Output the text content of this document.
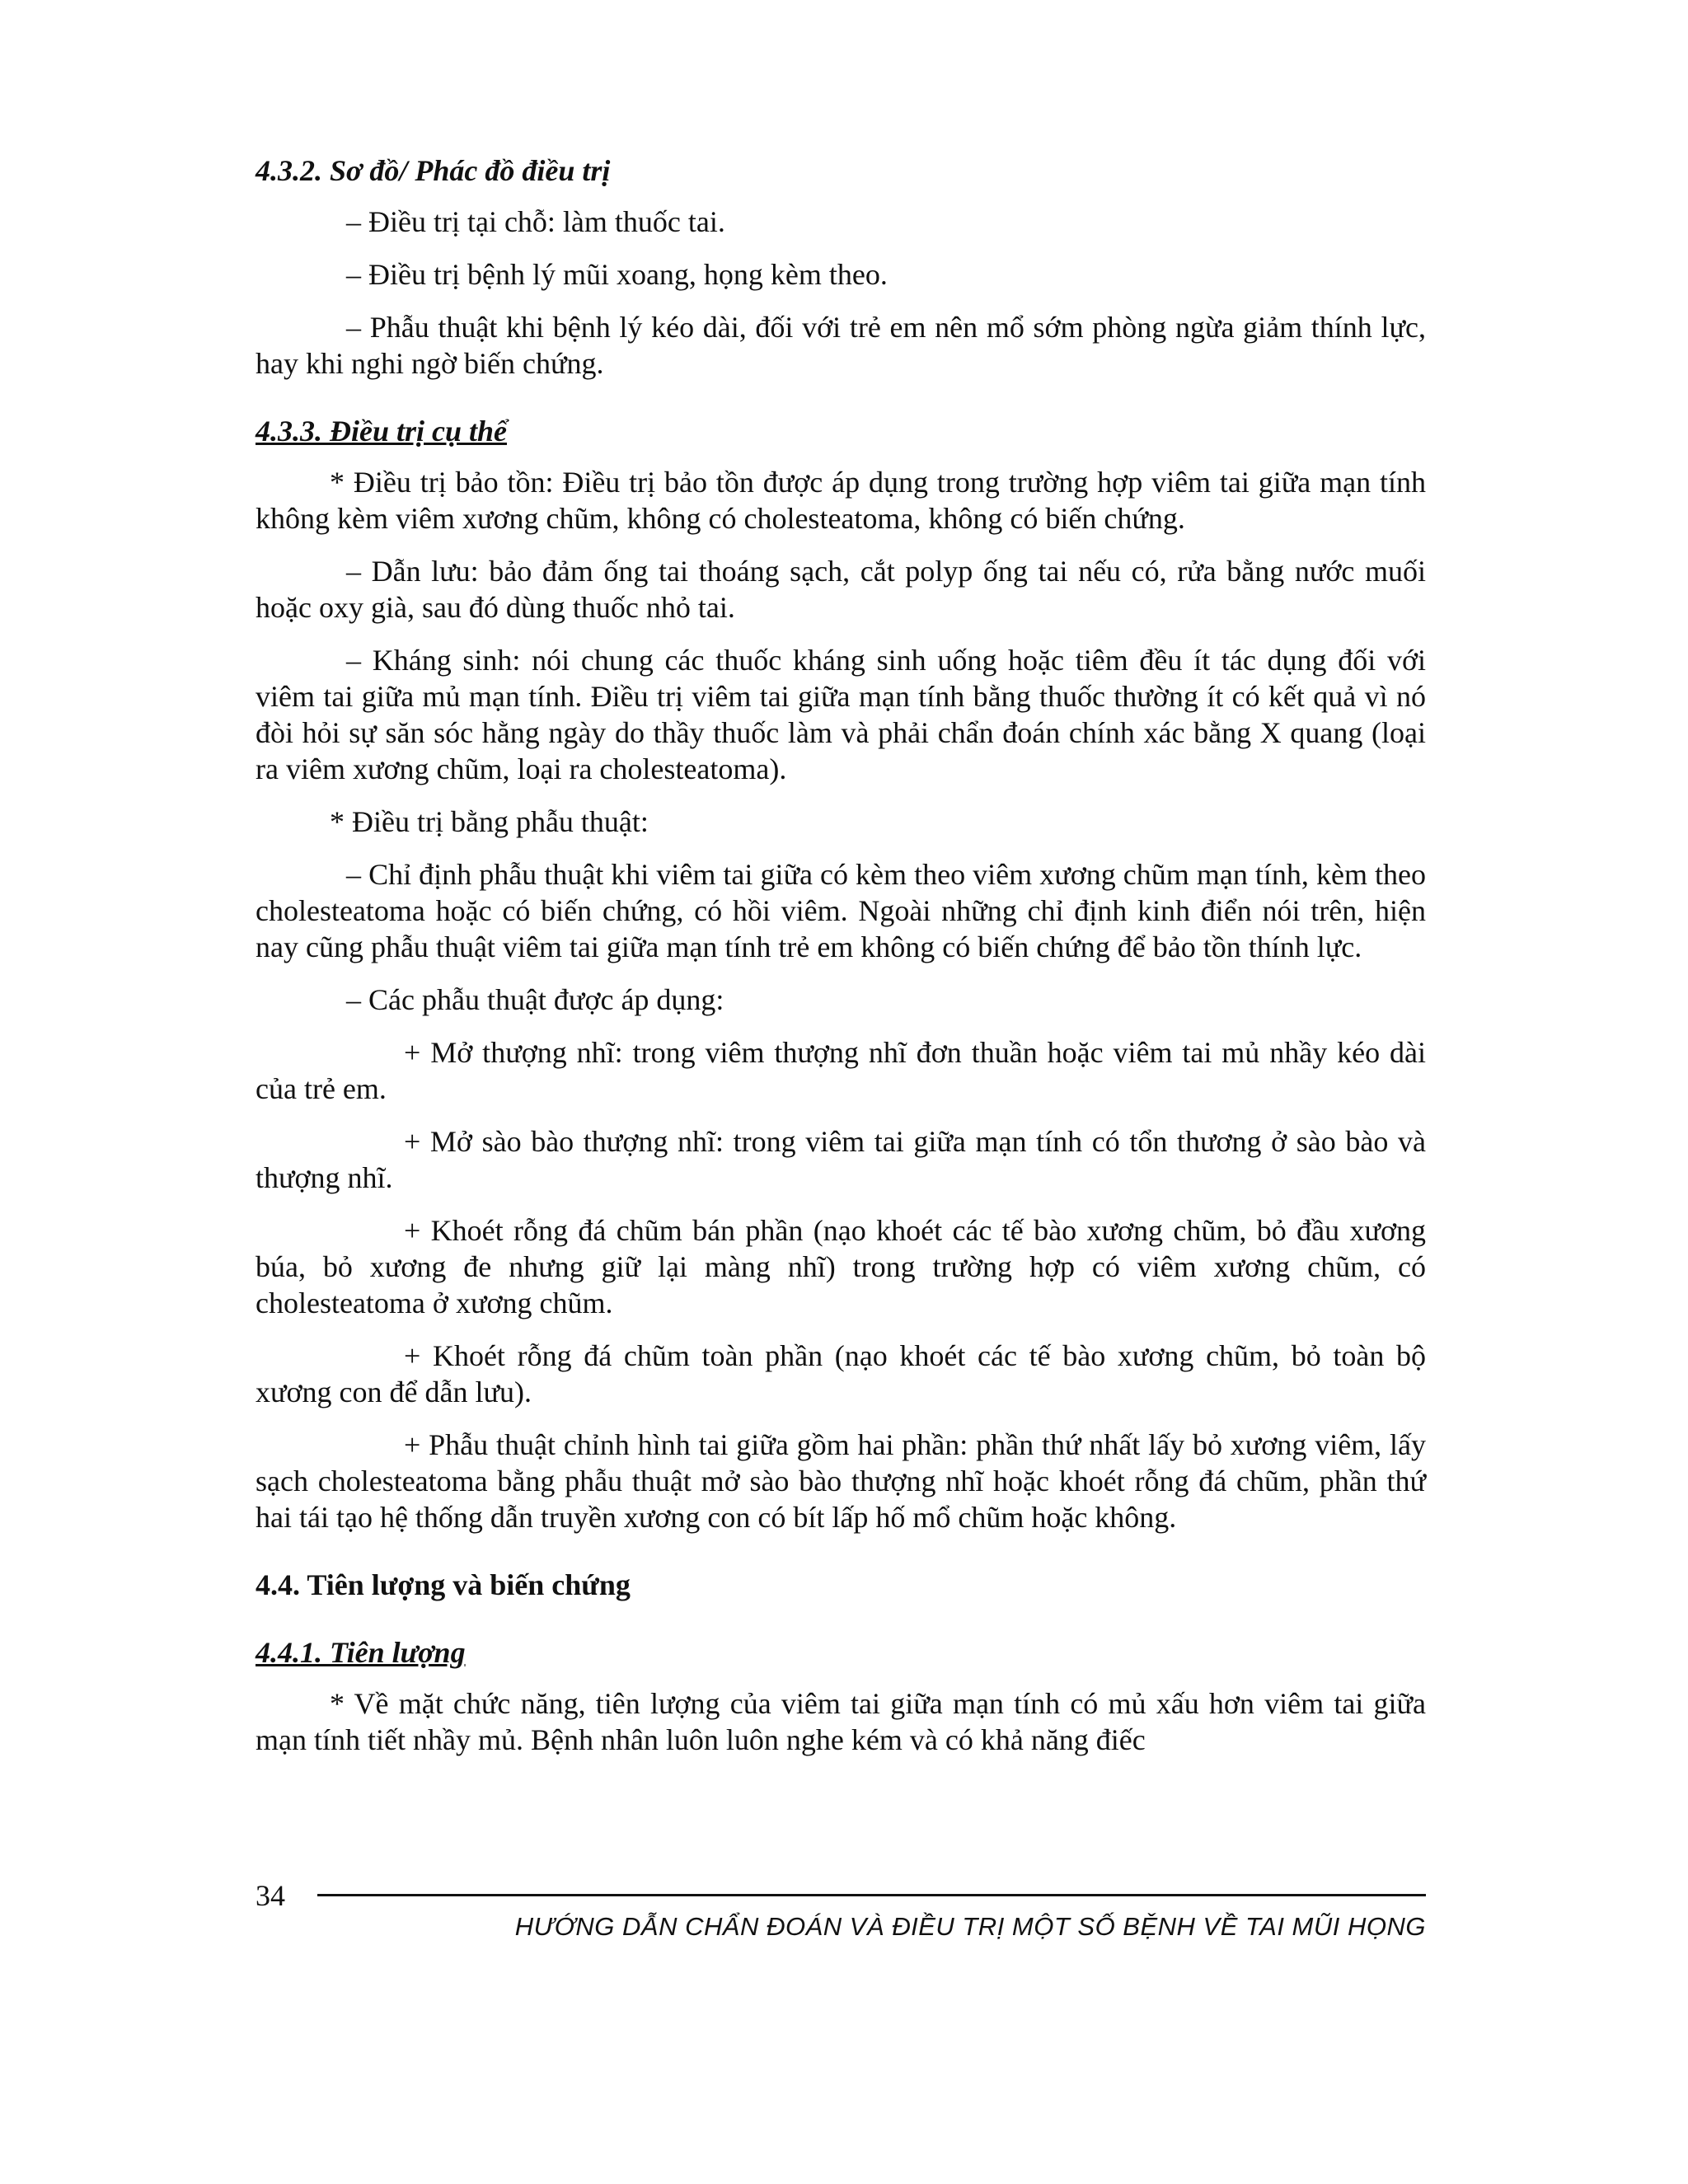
4.3.2. Sơ đồ/ Phác đồ điều trị

– Điều trị tại chỗ: làm thuốc tai.

– Điều trị bệnh lý mũi xoang, họng kèm theo.

– Phẫu thuật khi bệnh lý kéo dài, đối với trẻ em nên mổ sớm phòng ngừa giảm thính lực, hay khi nghi ngờ biến chứng.

4.3.3. Điều trị cụ thể

* Điều trị bảo tồn: Điều trị bảo tồn được áp dụng trong trường hợp viêm tai giữa mạn tính không kèm viêm xương chũm, không có cholesteatoma, không có biến chứng.

– Dẫn lưu: bảo đảm ống tai thoáng sạch, cắt polyp ống tai nếu có, rửa bằng nước muối hoặc oxy già, sau đó dùng thuốc nhỏ tai.

– Kháng sinh: nói chung các thuốc kháng sinh uống hoặc tiêm đều ít tác dụng đối với viêm tai giữa mủ mạn tính. Điều trị viêm tai giữa mạn tính bằng thuốc thường ít có kết quả vì nó đòi hỏi sự săn sóc hằng ngày do thầy thuốc làm và phải chẩn đoán chính xác bằng X quang (loại ra viêm xương chũm, loại ra cholesteatoma).

* Điều trị bằng phẫu thuật:

– Chỉ định phẫu thuật khi viêm tai giữa có kèm theo viêm xương chũm mạn tính, kèm theo cholesteatoma hoặc có biến chứng, có hồi viêm. Ngoài những chỉ định kinh điển nói trên, hiện nay cũng phẫu thuật viêm tai giữa mạn tính trẻ em không có biến chứng để bảo tồn thính lực.

– Các phẫu thuật được áp dụng:

+ Mở thượng nhĩ: trong viêm thượng nhĩ đơn thuần hoặc viêm tai mủ nhầy kéo dài của trẻ em.

+ Mở sào bào thượng nhĩ: trong viêm tai giữa mạn tính có tổn thương ở sào bào và thượng nhĩ.

+ Khoét rỗng đá chũm bán phần (nạo khoét các tế bào xương chũm, bỏ đầu xương búa, bỏ xương đe nhưng giữ lại màng nhĩ) trong trường hợp có viêm xương chũm, có cholesteatoma ở xương chũm.

+ Khoét rỗng đá chũm toàn phần (nạo khoét các tế bào xương chũm, bỏ toàn bộ xương con để dẫn lưu).

+ Phẫu thuật chỉnh hình tai giữa gồm hai phần: phần thứ nhất lấy bỏ xương viêm, lấy sạch cholesteatoma bằng phẫu thuật mở sào bào thượng nhĩ hoặc khoét rỗng đá chũm, phần thứ hai tái tạo hệ thống dẫn truyền xương con có bít lấp hố mổ chũm hoặc không.

4.4. Tiên lượng và biến chứng

4.4.1. Tiên lượng

* Về mặt chức năng, tiên lượng của viêm tai giữa mạn tính có mủ xấu hơn viêm tai giữa mạn tính tiết nhầy mủ. Bệnh nhân luôn luôn nghe kém và có khả năng điếc

34
HƯỚNG DẪN CHẨN ĐOÁN VÀ ĐIỀU TRỊ MỘT SỐ BỆNH VỀ TAI MŨI HỌNG
